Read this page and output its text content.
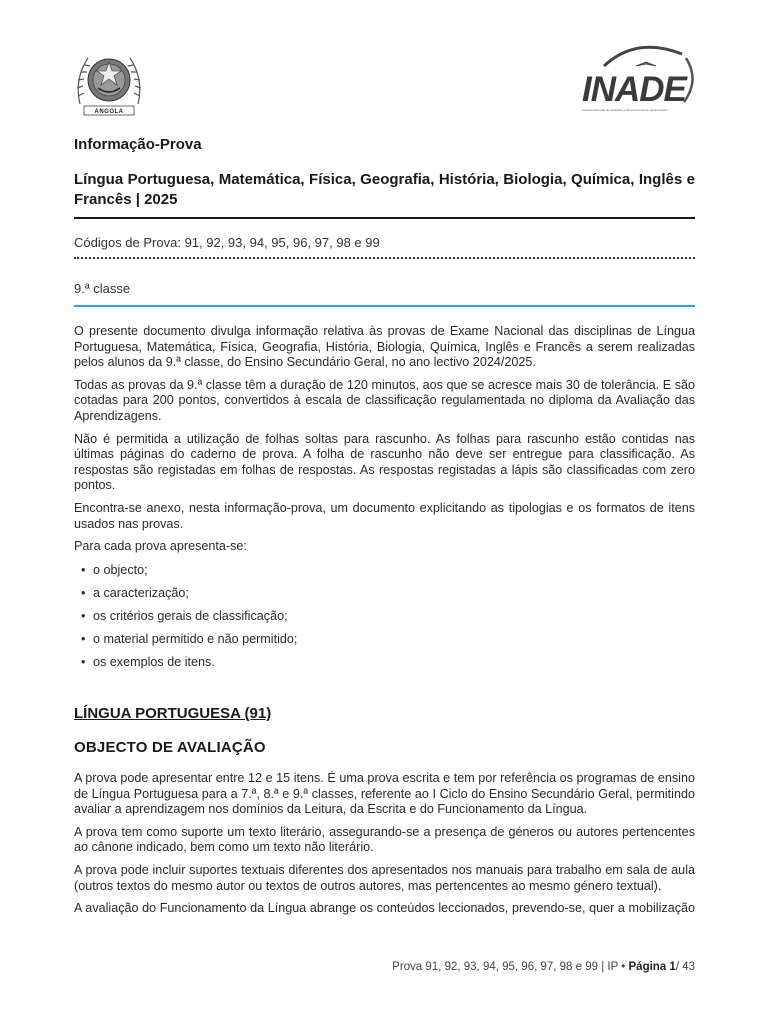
ANGOLA
INADE
Instituto Nacional de Avaliação e Desenvolvimento da Educação
Informação-Prova

Língua Portuguesa, Matemática, Física, Geografia, História, Biologia, Química, Inglês e Francês | 2025

Códigos de Prova: 91, 92, 93, 94, 95, 96, 97, 98 e 99
9.ª classe

O presente documento divulga informação relativa às provas de Exame Nacional das disciplinas de Língua Portuguesa, Matemática, Física, Geografia, História, Biologia, Química, Inglês e Francês a serem realizadas pelos alunos da 9.ª classe, do Ensino Secundário Geral, no ano lectivo 2024/2025.

Todas as provas da 9.ª classe têm a duração de 120 minutos, aos que se acresce mais 30 de tolerância. E são cotadas para 200 pontos, convertidos à escala de classificação regulamentada no diploma da Avaliação das Aprendizagens.

Não é permitida a utilização de folhas soltas para rascunho. As folhas para rascunho estão contidas nas últimas páginas do caderno de prova. A folha de rascunho não deve ser entregue para classificação. As respostas são registadas em folhas de respostas. As respostas registadas a lápis são classificadas com zero pontos.

Encontra-se anexo, nesta informação-prova, um documento explicitando as tipologias e os formatos de itens usados nas provas.

Para cada prova apresenta-se:

• o objecto;
• a caracterização;
• os critérios gerais de classificação;
• o material permitido e não permitido;
• os exemplos de itens.
LÍNGUA PORTUGUESA (91)
OBJECTO DE AVALIAÇÃO

A prova pode apresentar entre 12 e 15 itens. É uma prova escrita e tem por referência os programas de ensino de Língua Portuguesa para a 7.ª, 8.ª e 9.ª classes, referente ao I Ciclo do Ensino Secundário Geral, permitindo avaliar a aprendizagem nos domínios da Leitura, da Escrita e do Funcionamento da Língua.

A prova tem como suporte um texto literário, assegurando-se a presença de géneros ou autores pertencentes ao cânone indicado, bem como um texto não literário.

A prova pode incluir suportes textuais diferentes dos apresentados nos manuais para trabalho em sala de aula (outros textos do mesmo autor ou textos de outros autores, mas pertencentes ao mesmo género textual).

A avaliação do Funcionamento da Língua abrange os conteúdos leccionados, prevendo-se, quer a mobilização

Prova 91, 92, 93, 94, 95, 96, 97, 98 e 99 | IP • Página 1/ 43
